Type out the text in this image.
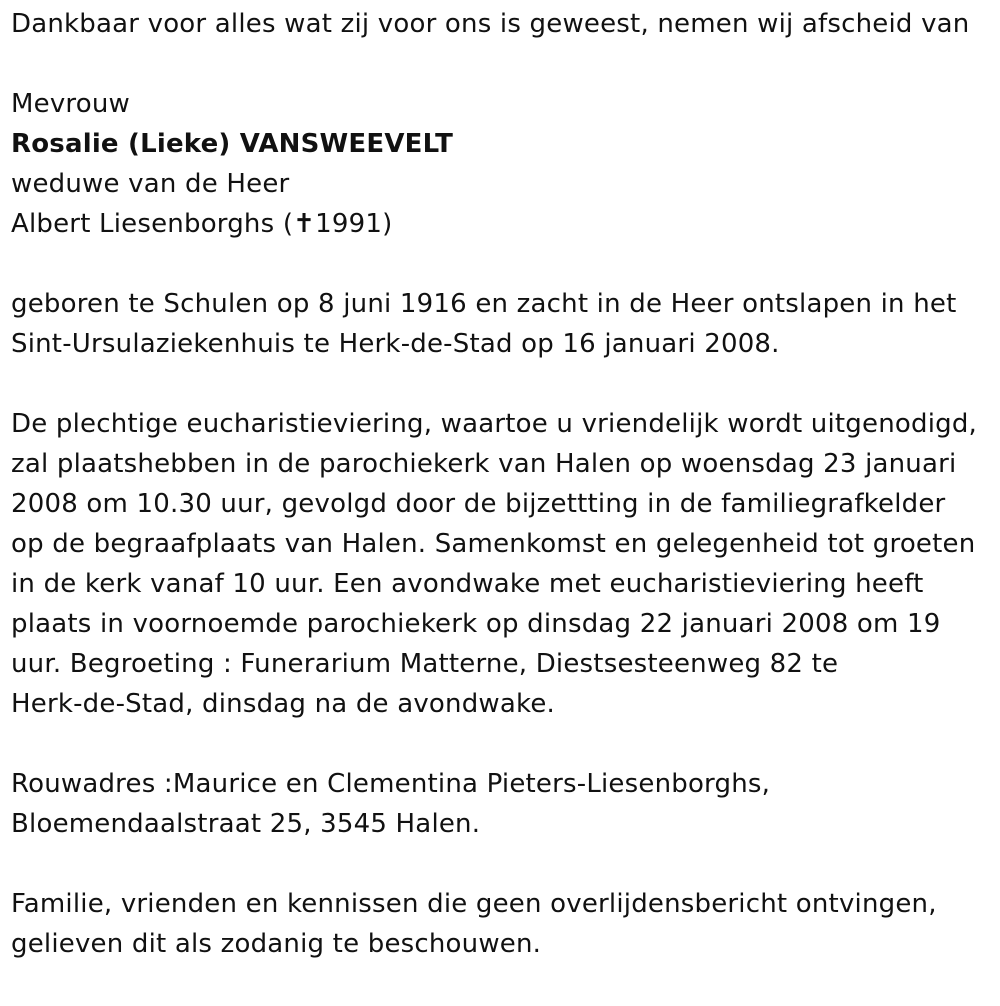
Dankbaar voor alles wat zij voor ons is geweest, nemen wij afscheid van
Mevrouw
Rosalie (Lieke) VANSWEEVELT
weduwe van de Heer
Albert Liesenborghs (✝1991)
geboren te Schulen op 8 juni 1916 en zacht in de Heer ontslapen in het
Sint-Ursulaziekenhuis te Herk-de-Stad op 16 januari 2008.
De plechtige eucharistieviering, waartoe u vriendelijk wordt uitgenodigd,
zal plaatshebben in de parochiekerk van Halen op woensdag 23 januari
2008 om 10.30 uur, gevolgd door de bijzettting in de familiegrafkelder
op de begraafplaats van Halen. Samenkomst en gelegenheid tot groeten
in de kerk vanaf 10 uur. Een avondwake met eucharistieviering heeft
plaats in voornoemde parochiekerk op dinsdag 22 januari 2008 om 19
uur. Begroeting : Funerarium Matterne, Diestsesteenweg 82 te
Herk-de-Stad, dinsdag na de avondwake.
Rouwadres :Maurice en Clementina Pieters-Liesenborghs,
Bloemendaalstraat 25, 3545 Halen.
Familie, vrienden en kennissen die geen overlijdensbericht ontvingen,
gelieven dit als zodanig te beschouwen.
